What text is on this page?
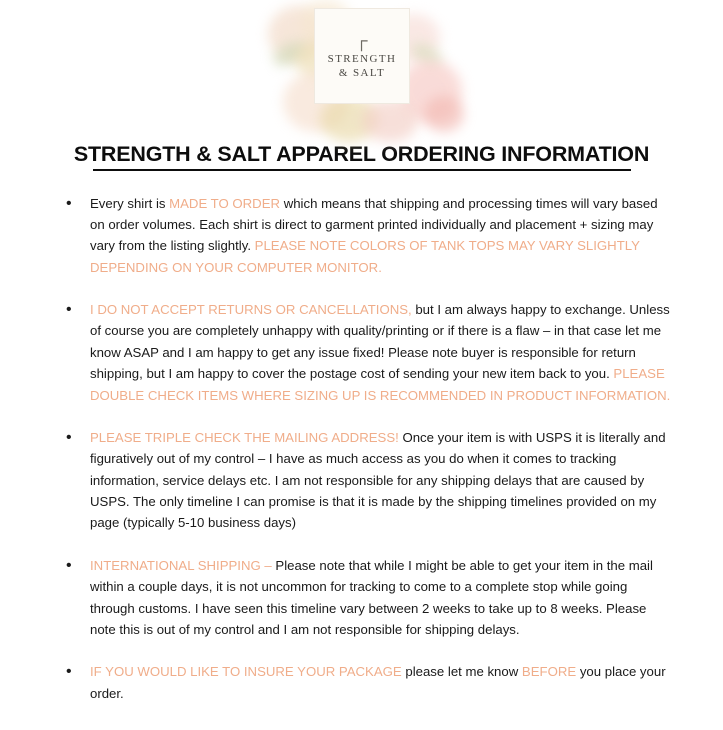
┌
STRENGTH
& SALT
STRENGTH & SALT APPAREL ORDERING INFORMATION
• Every shirt is MADE TO ORDER which means that shipping and processing times will vary based on order volumes. Each shirt is direct to garment printed individually and placement + sizing may vary from the listing slightly. PLEASE NOTE COLORS OF TANK TOPS MAY VARY SLIGHTLY DEPENDING ON YOUR COMPUTER MONITOR.
• I DO NOT ACCEPT RETURNS OR CANCELLATIONS, but I am always happy to exchange. Unless of course you are completely unhappy with quality/printing or if there is a flaw – in that case let me know ASAP and I am happy to get any issue fixed! Please note buyer is responsible for return shipping, but I am happy to cover the postage cost of sending your new item back to you. PLEASE DOUBLE CHECK ITEMS WHERE SIZING UP IS RECOMMENDED IN PRODUCT INFORMATION.
• PLEASE TRIPLE CHECK THE MAILING ADDRESS! Once your item is with USPS it is literally and figuratively out of my control – I have as much access as you do when it comes to tracking information, service delays etc. I am not responsible for any shipping delays that are caused by USPS. The only timeline I can promise is that it is made by the shipping timelines provided on my page (typically 5-10 business days)
• INTERNATIONAL SHIPPING – Please note that while I might be able to get your item in the mail within a couple days, it is not uncommon for tracking to come to a complete stop while going through customs. I have seen this timeline vary between 2 weeks to take up to 8 weeks. Please note this is out of my control and I am not responsible for shipping delays.
• IF YOU WOULD LIKE TO INSURE YOUR PACKAGE please let me know BEFORE you place your order.
